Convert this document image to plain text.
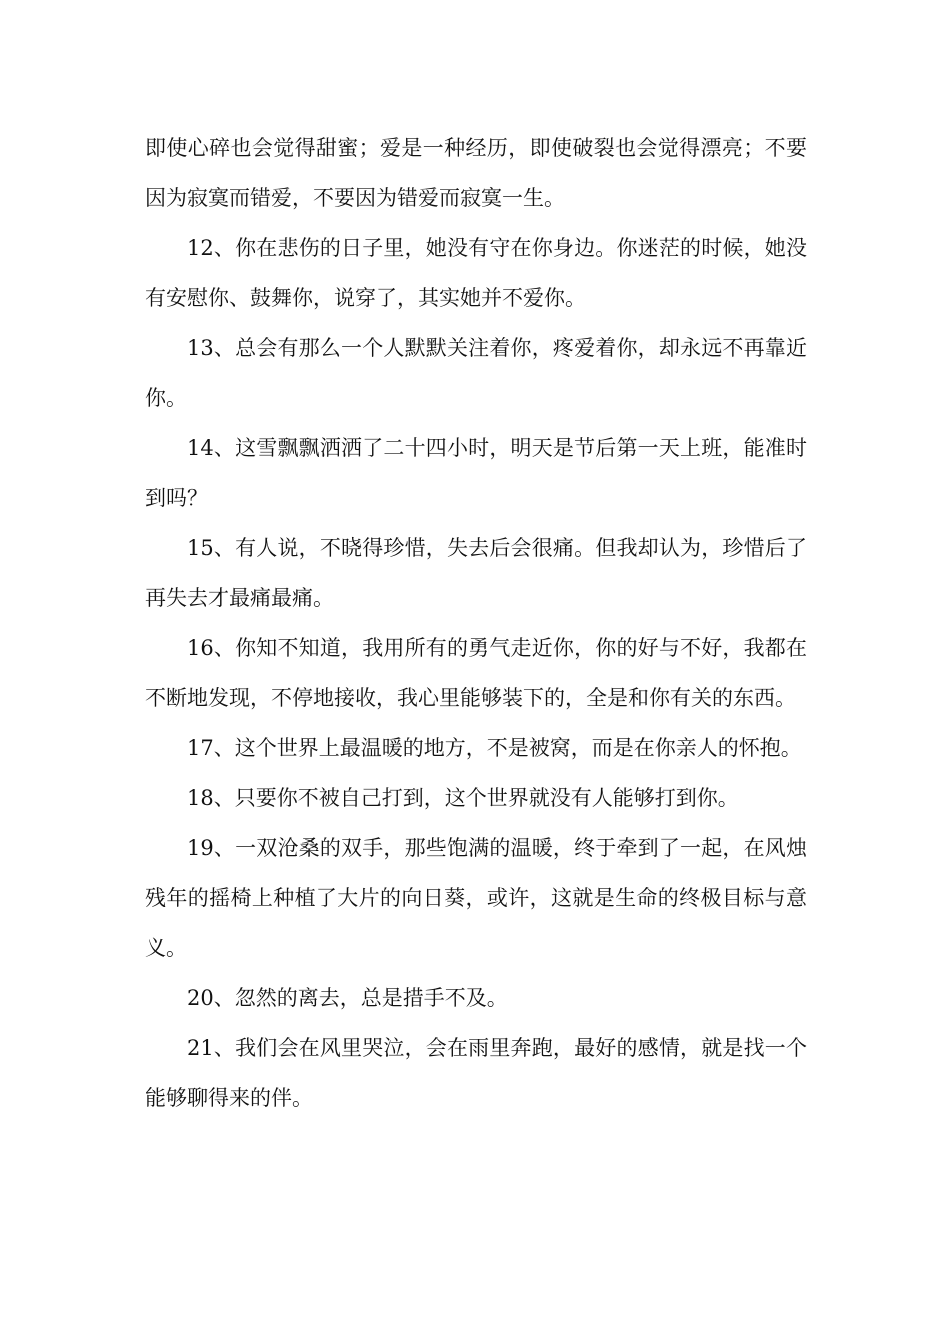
即使心碎也会觉得甜蜜；爱是一种经历，即使破裂也会觉得漂亮；不要因为寂寞而错爱，不要因为错爱而寂寞一生。

12、你在悲伤的日子里，她没有守在你身边。你迷茫的时候，她没有安慰你、鼓舞你，说穿了，其实她并不爱你。

13、总会有那么一个人默默关注着你，疼爱着你，却永远不再靠近你。

14、这雪飘飘洒洒了二十四小时，明天是节后第一天上班，能准时到吗？

15、有人说，不晓得珍惜，失去后会很痛。但我却认为，珍惜后了再失去才最痛最痛。

16、你知不知道，我用所有的勇气走近你，你的好与不好，我都在不断地发现，不停地接收，我心里能够装下的，全是和你有关的东西。

17、这个世界上最温暖的地方，不是被窝，而是在你亲人的怀抱。

18、只要你不被自己打到，这个世界就没有人能够打到你。

19、一双沧桑的双手，那些饱满的温暖，终于牵到了一起，在风烛残年的摇椅上种植了大片的向日葵，或许，这就是生命的终极目标与意义。

20、忽然的离去，总是措手不及。

21、我们会在风里哭泣，会在雨里奔跑，最好的感情，就是找一个能够聊得来的伴。
